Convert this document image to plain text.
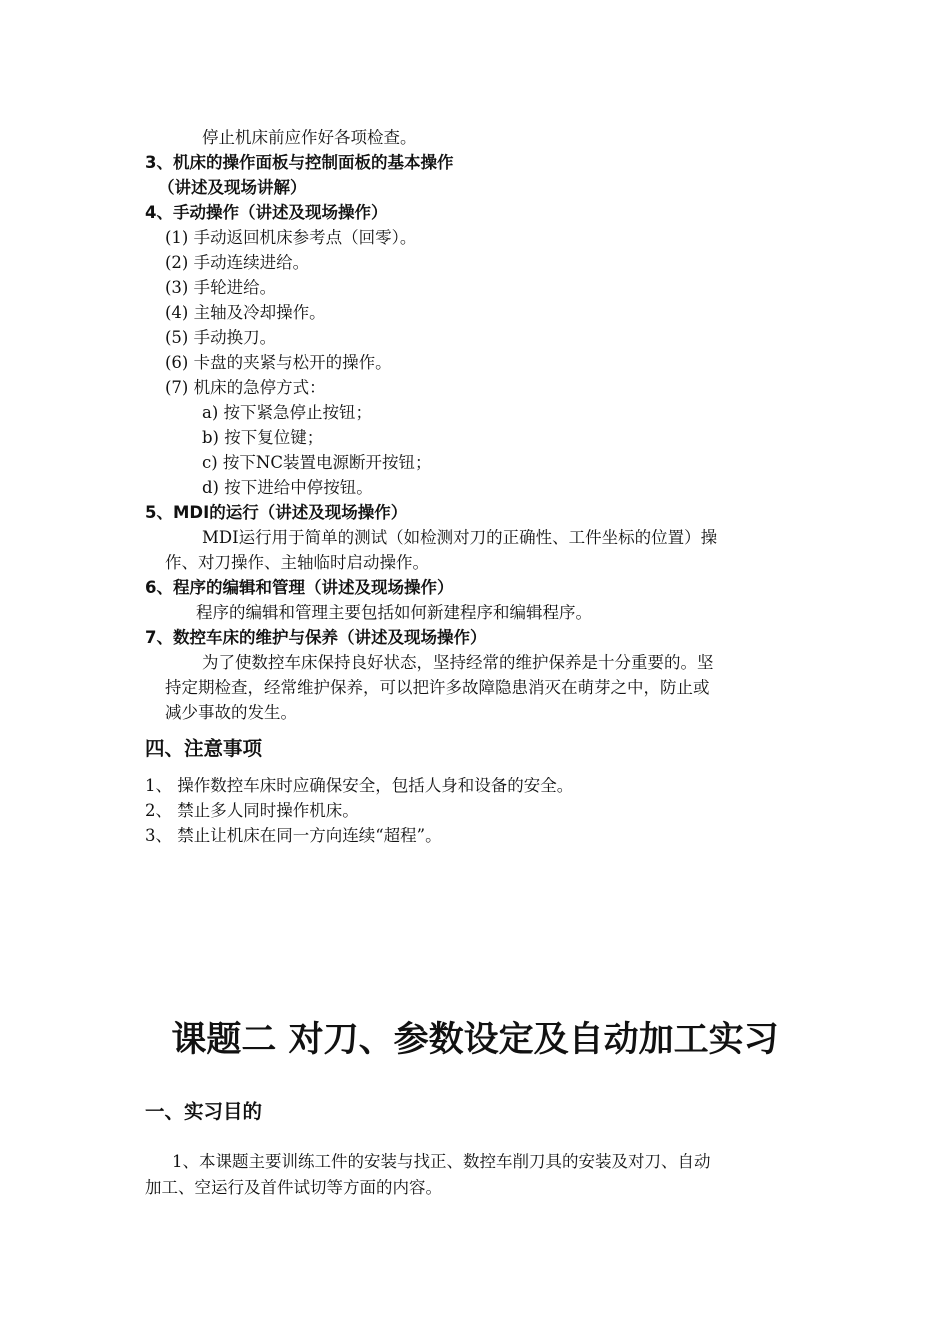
停止机床前应作好各项检查。

3、机床的操作面板与控制面板的基本操作

（讲述及现场讲解）

4、手动操作（讲述及现场操作）

(1) 手动返回机床参考点（回零）。

(2) 手动连续进给。

(3) 手轮进给。

(4) 主轴及冷却操作。

(5) 手动换刀。

(6) 卡盘的夹紧与松开的操作。

(7) 机床的急停方式：

a) 按下紧急停止按钮；

b) 按下复位键；

c) 按下NC装置电源断开按钮；

d) 按下进给中停按钮。

5、MDI的运行（讲述及现场操作）

MDI运行用于简单的测试（如检测对刀的正确性、工件坐标的位置）操

作、对刀操作、主轴临时启动操作。

6、程序的编辑和管理（讲述及现场操作）

程序的编辑和管理主要包括如何新建程序和编辑程序。

7、数控车床的维护与保养（讲述及现场操作）

为了使数控车床保持良好状态，坚持经常的维护保养是十分重要的。坚

持定期检查，经常维护保养，可以把许多故障隐患消灭在萌芽之中，防止或

减少事故的发生。

四、注意事项

1、 操作数控车床时应确保安全，包括人身和设备的安全。

2、 禁止多人同时操作机床。

3、 禁止让机床在同一方向连续“超程”。

课题二 对刀、参数设定及自动加工实习

一、实习目的

1、本课题主要训练工件的安装与找正、数控车削刀具的安装及对刀、自动

加工、空运行及首件试切等方面的内容。
